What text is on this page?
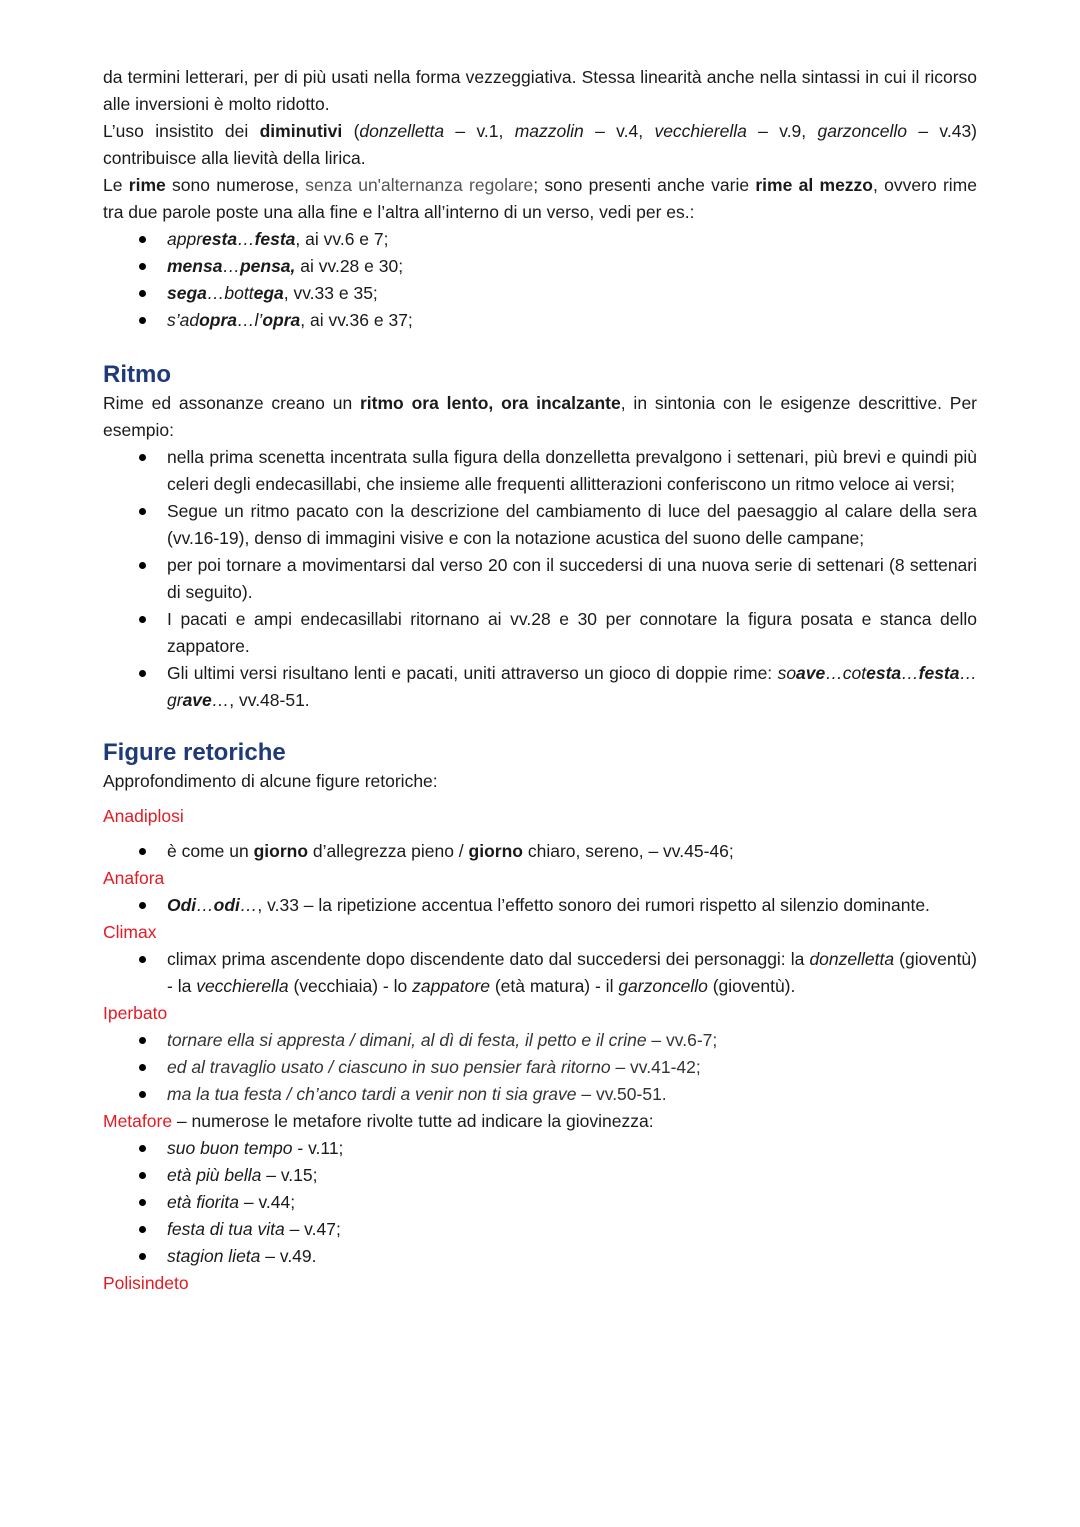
da termini letterari, per di più usati nella forma vezzeggiativa. Stessa linearità anche nella sintassi in cui il ricorso alle inversioni è molto ridotto.

L’uso insistito dei diminutivi (donzelletta – v.1, mazzolin – v.4, vecchierella – v.9, garzoncello – v.43) contribuisce alla lievità della lirica.

Le rime sono numerose, senza un'alternanza regolare; sono presenti anche varie rime al mezzo, ovvero rime tra due parole poste una alla fine e l’altra all’interno di un verso, vedi per es.:

appresta…festa, ai vv.6 e 7;
mensa…pensa, ai vv.28 e 30;
sega…bottega, vv.33 e 35;
s’adopra…l’opra, ai vv.36 e 37;
Ritmo

Rime ed assonanze creano un ritmo ora lento, ora incalzante, in sintonia con le esigenze descrittive. Per esempio:

nella prima scenetta incentrata sulla figura della donzelletta prevalgono i settenari, più brevi e quindi più celeri degli endecasillabi, che insieme alle frequenti allitterazioni conferiscono un ritmo veloce ai versi;
Segue un ritmo pacato con la descrizione del cambiamento di luce del paesaggio al calare della sera (vv.16-19), denso di immagini visive e con la notazione acustica del suono delle campane;
per poi tornare a movimentarsi dal verso 20 con il succedersi di una nuova serie di settenari (8 settenari di seguito).
I pacati e ampi endecasillabi ritornano ai vv.28 e 30 per connotare la figura posata e stanca dello zappatore.
Gli ultimi versi risultano lenti e pacati, uniti attraverso un gioco di doppie rime: soave…cotesta…festa…grave…, vv.48-51.
Figure retoriche

Approfondimento di alcune figure retoriche:

Anadiplosi
è come un giorno d’allegrezza pieno / giorno chiaro, sereno, – vv.45-46;
Anafora
Odi…odi…, v.33 – la ripetizione accentua l’effetto sonoro dei rumori rispetto al silenzio dominante.
Climax
climax prima ascendente dopo discendente dato dal succedersi dei personaggi: la donzelletta (gioventù) - la vecchierella (vecchiaia) - lo zappatore (età matura) - il garzoncello (gioventù).
Iperbato
tornare ella si appresta / dimani, al dì di festa, il petto e il crine – vv.6-7;
ed al travaglio usato / ciascuno in suo pensier farà ritorno – vv.41-42;
ma la tua festa / ch’anco tardi a venir non ti sia grave – vv.50-51.

Metafore – numerose le metafore rivolte tutte ad indicare la giovinezza:

suo buon tempo - v.11;
età più bella – v.15;
età fiorita – v.44;
festa di tua vita – v.47;
stagion lieta – v.49.
Polisindeto
